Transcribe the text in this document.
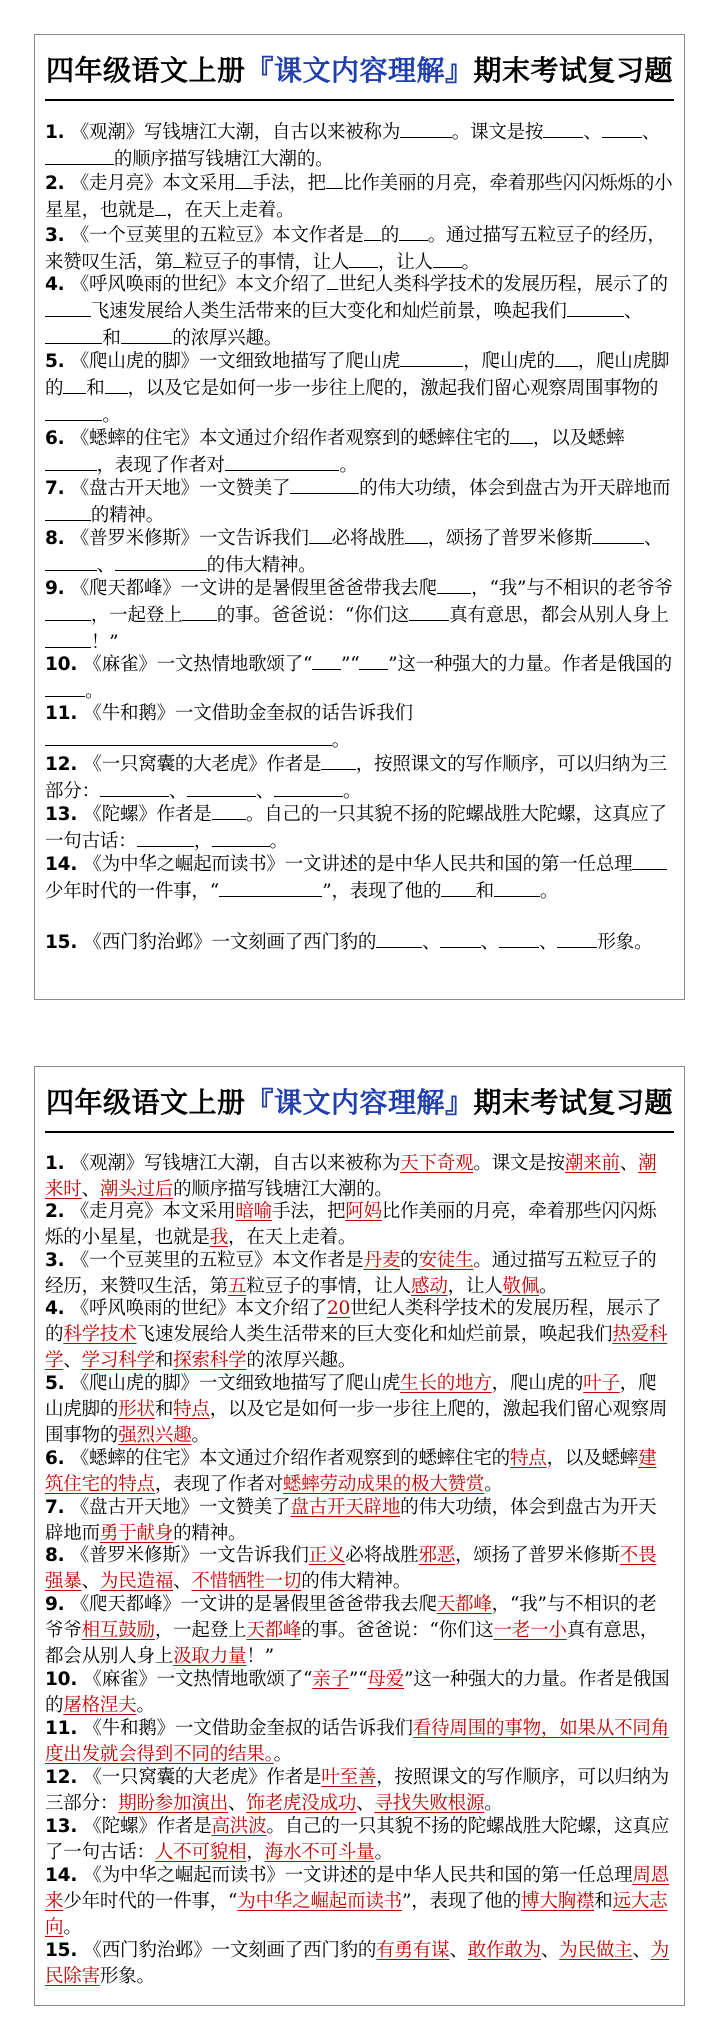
四年级语文上册『课文内容理解』期末考试复习题
1. 《观潮》写钱塘江大潮，自古以来被称为	。课文是按 、 、的顺序描写钱塘江大潮的。
2. 《走月亮》本文采用 手法，把 比作美丽的月亮，牵着那些闪闪烁烁的小星星，也就是 ，在天上走着。
3. 《一个豆荚里的五粒豆》本文作者是 的 。通过描写五粒豆子的经历，来赞叹生活，第 粒豆子的事情，让人 ，让人 。
4. 《呼风唤雨的世纪》本文介绍了 世纪人类科学技术的发展历程，展示了的飞速发展给人类生活带来的巨大变化和灿烂前景，唤起我们	、和	的浓厚兴趣。
5. 《爬山虎的脚》一文细致地描写了爬山虎	，爬山虎的 ，爬山虎脚的 和 ，以及它是如何一步一步往上爬的，激起我们留心观察周围事物的。
6. 《蟋蟀的住宅》本文通过介绍作者观察到的蟋蟀住宅的 ，以及蟋蟀，表现了作者对	。
7. 《盘古开天地》一文赞美了	的伟大功绩，体会到盘古为开天辟地而的精神。
8. 《普罗米修斯》一文告诉我们 必将战胜 ，颂扬了普罗米修斯	、、	的伟大精神。
9. 《爬天都峰》一文讲的是暑假里爸爸带我去爬 ，“我”与不相识的老爷爷，一起登上 的事。爸爸说：“你们这 真有意思，都会从别人身上！”
10. 《麻雀》一文热情地歌颂了“ ”“ ”这一种强大的力量。作者是俄国的。
11. 《牛和鹅》一文借助金奎叔的话告诉我们。
12. 《一只窝囊的大老虎》作者是 ，按照课文的写作顺序，可以归纳为三部分：	、	、	。
13. 《陀螺》作者是 。自己的一只其貌不扬的陀螺战胜大陀螺，这真应了一句古话：	，	。
14. 《为中华之崛起而读书》一文讲述的是中华人民共和国的第一任总理少年时代的一件事，“	”，表现了他的 和 。
15. 《西门豹治邺》一文刻画了西门豹的 、 、 、 形象。
四年级语文上册『课文内容理解』期末考试复习题
1. 《观潮》写钱塘江大潮，自古以来被称为天下奇观。课文是按潮来前、潮来时、潮头过后的顺序描写钱塘江大潮的。
2. 《走月亮》本文采用暗喻手法，把阿妈比作美丽的月亮，牵着那些闪闪烁烁的小星星，也就是我，在天上走着。
3. 《一个豆荚里的五粒豆》本文作者是丹麦的安徒生。通过描写五粒豆子的经历，来赞叹生活，第五粒豆子的事情，让人感动，让人敬佩。
4. 《呼风唤雨的世纪》本文介绍了20世纪人类科学技术的发展历程，展示了的科学技术飞速发展给人类生活带来的巨大变化和灿烂前景，唤起我们热爱科学、学习科学和探索科学的浓厚兴趣。
5. 《爬山虎的脚》一文细致地描写了爬山虎生长的地方，爬山虎的叶子，爬山虎脚的形状和特点，以及它是如何一步一步往上爬的，激起我们留心观察周围事物的强烈兴趣。
6. 《蟋蟀的住宅》本文通过介绍作者观察到的蟋蟀住宅的特点，以及蟋蟀建筑住宅的特点，表现了作者对蟋蟀劳动成果的极大赞赏。
7. 《盘古开天地》一文赞美了盘古开天辟地的伟大功绩，体会到盘古为开天辟地而勇于献身的精神。
8. 《普罗米修斯》一文告诉我们正义必将战胜邪恶，颂扬了普罗米修斯不畏强暴、为民造福、不惜牺牲一切的伟大精神。
9. 《爬天都峰》一文讲的是暑假里爸爸带我去爬天都峰，“我”与不相识的老爷爷相互鼓励，一起登上天都峰的事。爸爸说：“你们这一老一小真有意思，都会从别人身上汲取力量！”
10. 《麻雀》一文热情地歌颂了“亲子”“母爱”这一种强大的力量。作者是俄国的屠格涅夫。
11. 《牛和鹅》一文借助金奎叔的话告诉我们看待周围的事物，如果从不同角度出发就会得到不同的结果。。
12. 《一只窝囊的大老虎》作者是叶至善，按照课文的写作顺序，可以归纳为三部分：期盼参加演出、饰老虎没成功、寻找失败根源。
13. 《陀螺》作者是高洪波。自己的一只其貌不扬的陀螺战胜大陀螺，这真应了一句古话：人不可貌相，海水不可斗量。
14. 《为中华之崛起而读书》一文讲述的是中华人民共和国的第一任总理周恩来少年时代的一件事，“为中华之崛起而读书”，表现了他的博大胸襟和远大志向。
15. 《西门豹治邺》一文刻画了西门豹的有勇有谋、敢作敢为、为民做主、为民除害形象。
